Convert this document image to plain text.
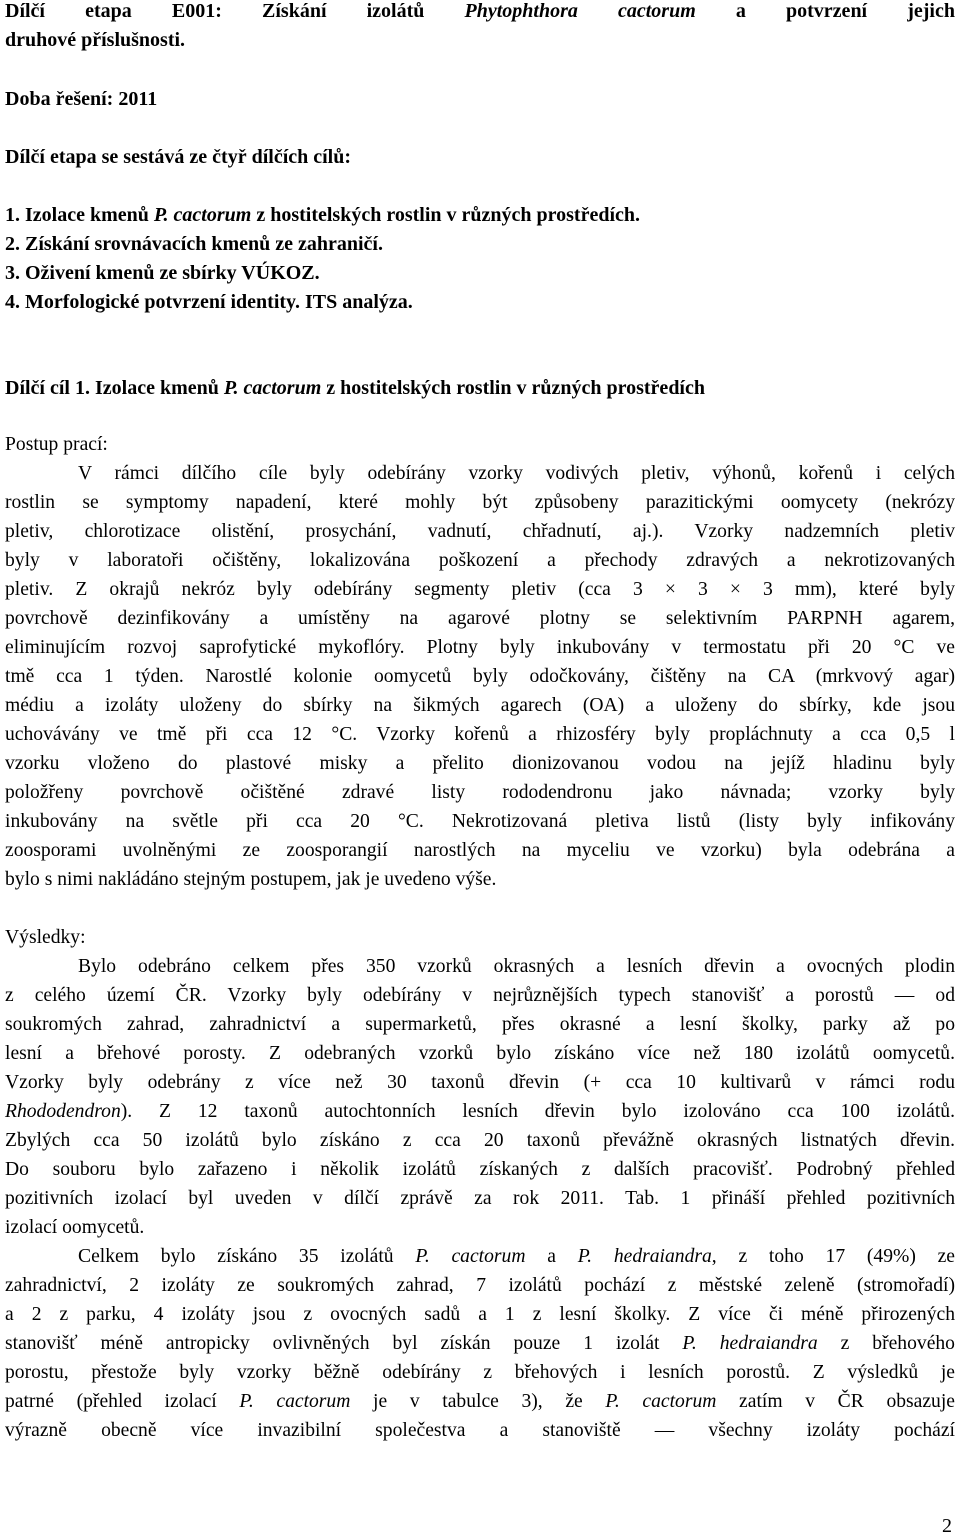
Dílčí etapa E001: Získání izolátů Phytophthora cactorum a potvrzení jejich
druhové příslušnosti.
Doba řešení: 2011
Dílčí etapa se sestává ze čtyř dílčích cílů:
1. Izolace kmenů P. cactorum z hostitelských rostlin v různých prostředích.
2. Získání srovnávacích kmenů ze zahraničí.
3. Oživení kmenů ze sbírky VÚKOZ.
4. Morfologické potvrzení identity. ITS analýza.
Dílčí cíl 1. Izolace kmenů P. cactorum z hostitelských rostlin v různých prostředích
Postup prací:
V rámci dílčího cíle byly odebírány vzorky vodivých pletiv, výhonů, kořenů i celých
rostlin se symptomy napadení, které mohly být způsobeny parazitickými oomycety (nekrózy
pletiv, chlorotizace olistění, prosychání, vadnutí, chřadnutí, aj.). Vzorky nadzemních pletiv
byly v laboratoři očištěny, lokalizována poškození a přechody zdravých a nekrotizovaných
pletiv. Z okrajů nekróz byly odebírány segmenty pletiv (cca 3 × 3 × 3 mm), které byly
povrchově dezinfikovány a umístěny na agarové plotny se selektivním PARPNH agarem,
eliminujícím rozvoj saprofytické mykoflóry. Plotny byly inkubovány v termostatu při 20 °C ve
tmě cca 1 týden. Narostlé kolonie oomycetů byly odočkovány, čištěny na CA (mrkvový agar)
médiu a izoláty uloženy do sbírky na šikmých agarech (OA) a uloženy do sbírky, kde jsou
uchovávány ve tmě při cca 12 °C. Vzorky kořenů a rhizosféry byly propláchnuty a cca 0,5 l
vzorku vloženo do plastové misky a přelito dionizovanou vodou na jejíž hladinu byly
položřeny povrchově očištěné zdravé listy rododendronu jako návnada; vzorky byly
inkubovány na světle při cca 20 °C. Nekrotizovaná pletiva listů (listy byly infikovány
zoosporami uvolněnými ze zoosporangií narostlých na myceliu ve vzorku) byla odebrána a
bylo s nimi nakládáno stejným postupem, jak je uvedeno výše.
Výsledky:
Bylo odebráno celkem přes 350 vzorků okrasných a lesních dřevin a ovocných plodin
z celého území ČR. Vzorky byly odebírány v nejrůznějších typech stanovišť a porostů — od
soukromých zahrad, zahradnictví a supermarketů, přes okrasné a lesní školky, parky až po
lesní a břehové porosty. Z odebraných vzorků bylo získáno více než 180 izolátů oomycetů.
Vzorky byly odebrány z více než 30 taxonů dřevin (+ cca 10 kultivarů v rámci rodu
Rhododendron). Z 12 taxonů autochtonních lesních dřevin bylo izolováno cca 100 izolátů.
Zbylých cca 50 izolátů bylo získáno z cca 20 taxonů převážně okrasných listnatých dřevin.
Do souboru bylo zařazeno i několik izolátů získaných z dalších pracovišť. Podrobný přehled
pozitivních izolací byl uveden v dílčí zprávě za rok 2011. Tab. 1 přináší přehled pozitivních
izolací oomycetů.
Celkem bylo získáno 35 izolátů P. cactorum a P. hedraiandra, z toho 17 (49%) ze
zahradnictví, 2 izoláty ze soukromých zahrad, 7 izolátů pochází z městské zeleně (stromořadí)
a 2 z parku, 4 izoláty jsou z ovocných sadů a 1 z lesní školky. Z více či méně přirozených
stanovišť méně antropicky ovlivněných byl získán pouze 1 izolát P. hedraiandra z břehového
porostu, přestože byly vzorky běžně odebírány z břehových i lesních porostů. Z výsledků je
patrné (přehled izolací P. cactorum je v tabulce 3), že P. cactorum zatím v ČR obsazuje
výrazně obecně více invazibilní společestva a stanoviště — všechny izoláty pochází
2
